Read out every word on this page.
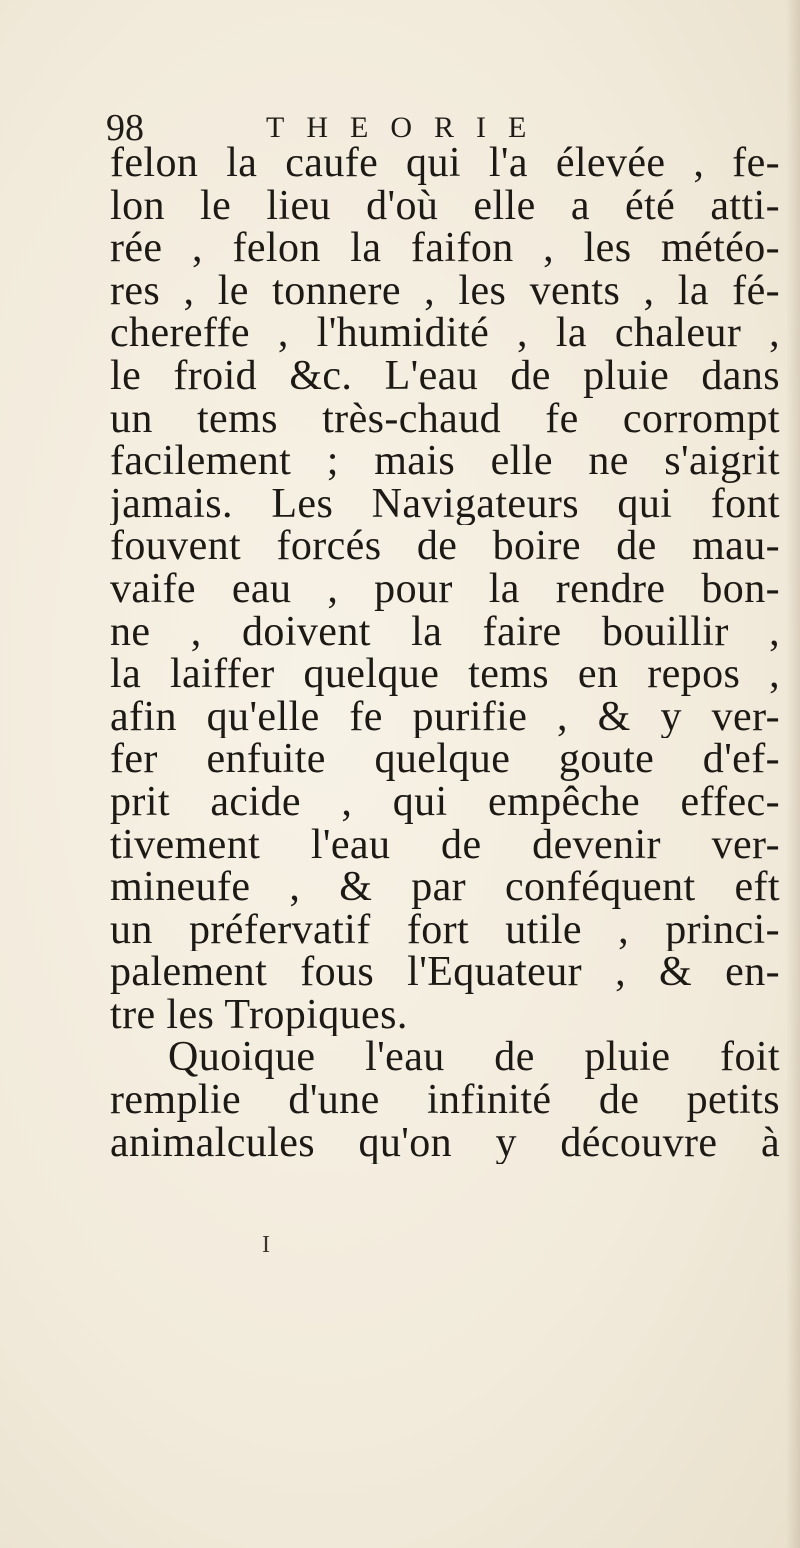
98	THEORIE
felon la caufe qui l'a élevée , fe-
lon le lieu d'où elle a été atti-
rée , felon la faifon , les météo-
res , le tonnere , les vents , la fé-
chereffe , l'humidité , la chaleur ,
le froid &c. L'eau de pluie dans
un tems très-chaud fe corrompt
facilement ; mais elle ne s'aigrit
jamais. Les Navigateurs qui font
fouvent forcés de boire de mau-
vaife eau , pour la rendre bon-
ne , doivent la faire bouillir ,
la laiffer quelque tems en repos ,
afin qu'elle fe purifie , & y ver-
fer enfuite quelque goute d'ef-
prit acide , qui empêche effec-
tivement l'eau de devenir ver-
mineufe , & par conféquent eft
un préfervatif fort utile , princi-
palement fous l'Equateur , & en-
tre les Tropiques.
Quoique l'eau de pluie foit
remplie d'une infinité de petits
animalcules qu'on y découvre à
I
